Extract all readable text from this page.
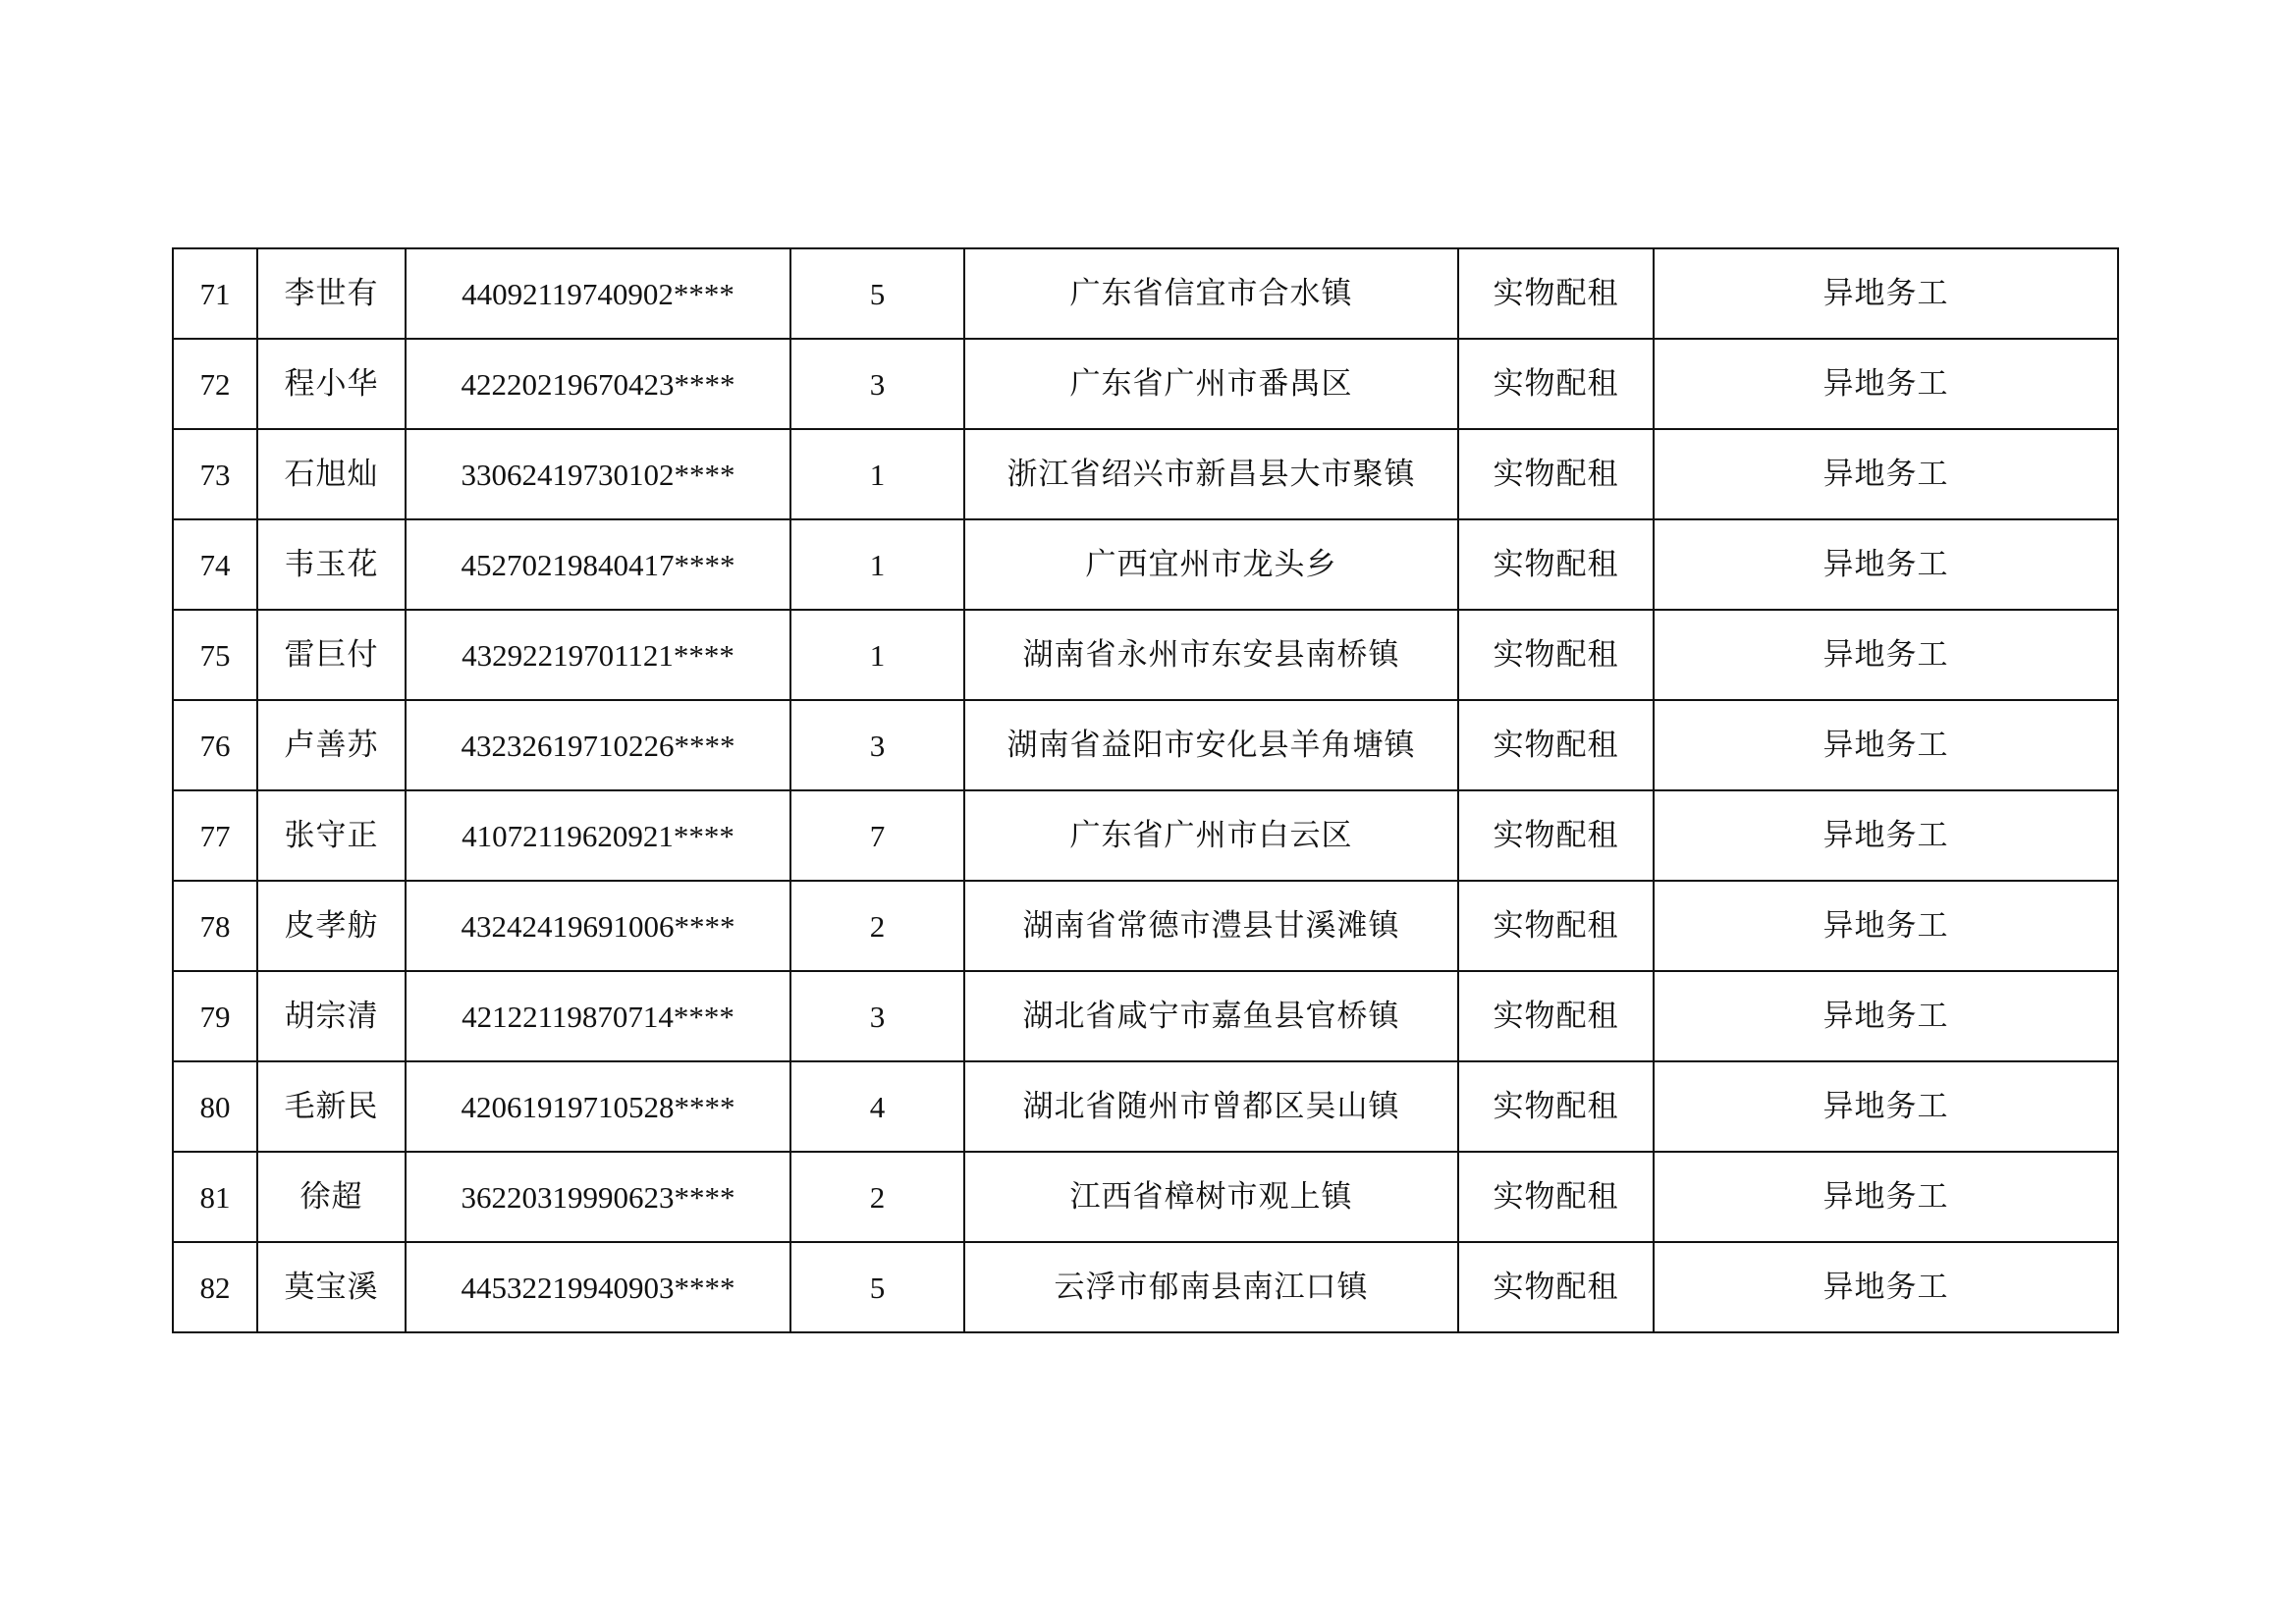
71	李世有	44092119740902****	5	广东省信宜市合水镇	实物配租	异地务工
72	程小华	42220219670423****	3	广东省广州市番禺区	实物配租	异地务工
73	石旭灿	33062419730102****	1	浙江省绍兴市新昌县大市聚镇	实物配租	异地务工
74	韦玉花	45270219840417****	1	广西宜州市龙头乡	实物配租	异地务工
75	雷巨付	43292219701121****	1	湖南省永州市东安县南桥镇	实物配租	异地务工
76	卢善苏	43232619710226****	3	湖南省益阳市安化县羊角塘镇	实物配租	异地务工
77	张守正	41072119620921****	7	广东省广州市白云区	实物配租	异地务工
78	皮孝舫	43242419691006****	2	湖南省常德市澧县甘溪滩镇	实物配租	异地务工
79	胡宗清	42122119870714****	3	湖北省咸宁市嘉鱼县官桥镇	实物配租	异地务工
80	毛新民	42061919710528****	4	湖北省随州市曾都区吴山镇	实物配租	异地务工
81	徐超	36220319990623****	2	江西省樟树市观上镇	实物配租	异地务工
82	莫宝溪	44532219940903****	5	云浮市郁南县南江口镇	实物配租	异地务工
